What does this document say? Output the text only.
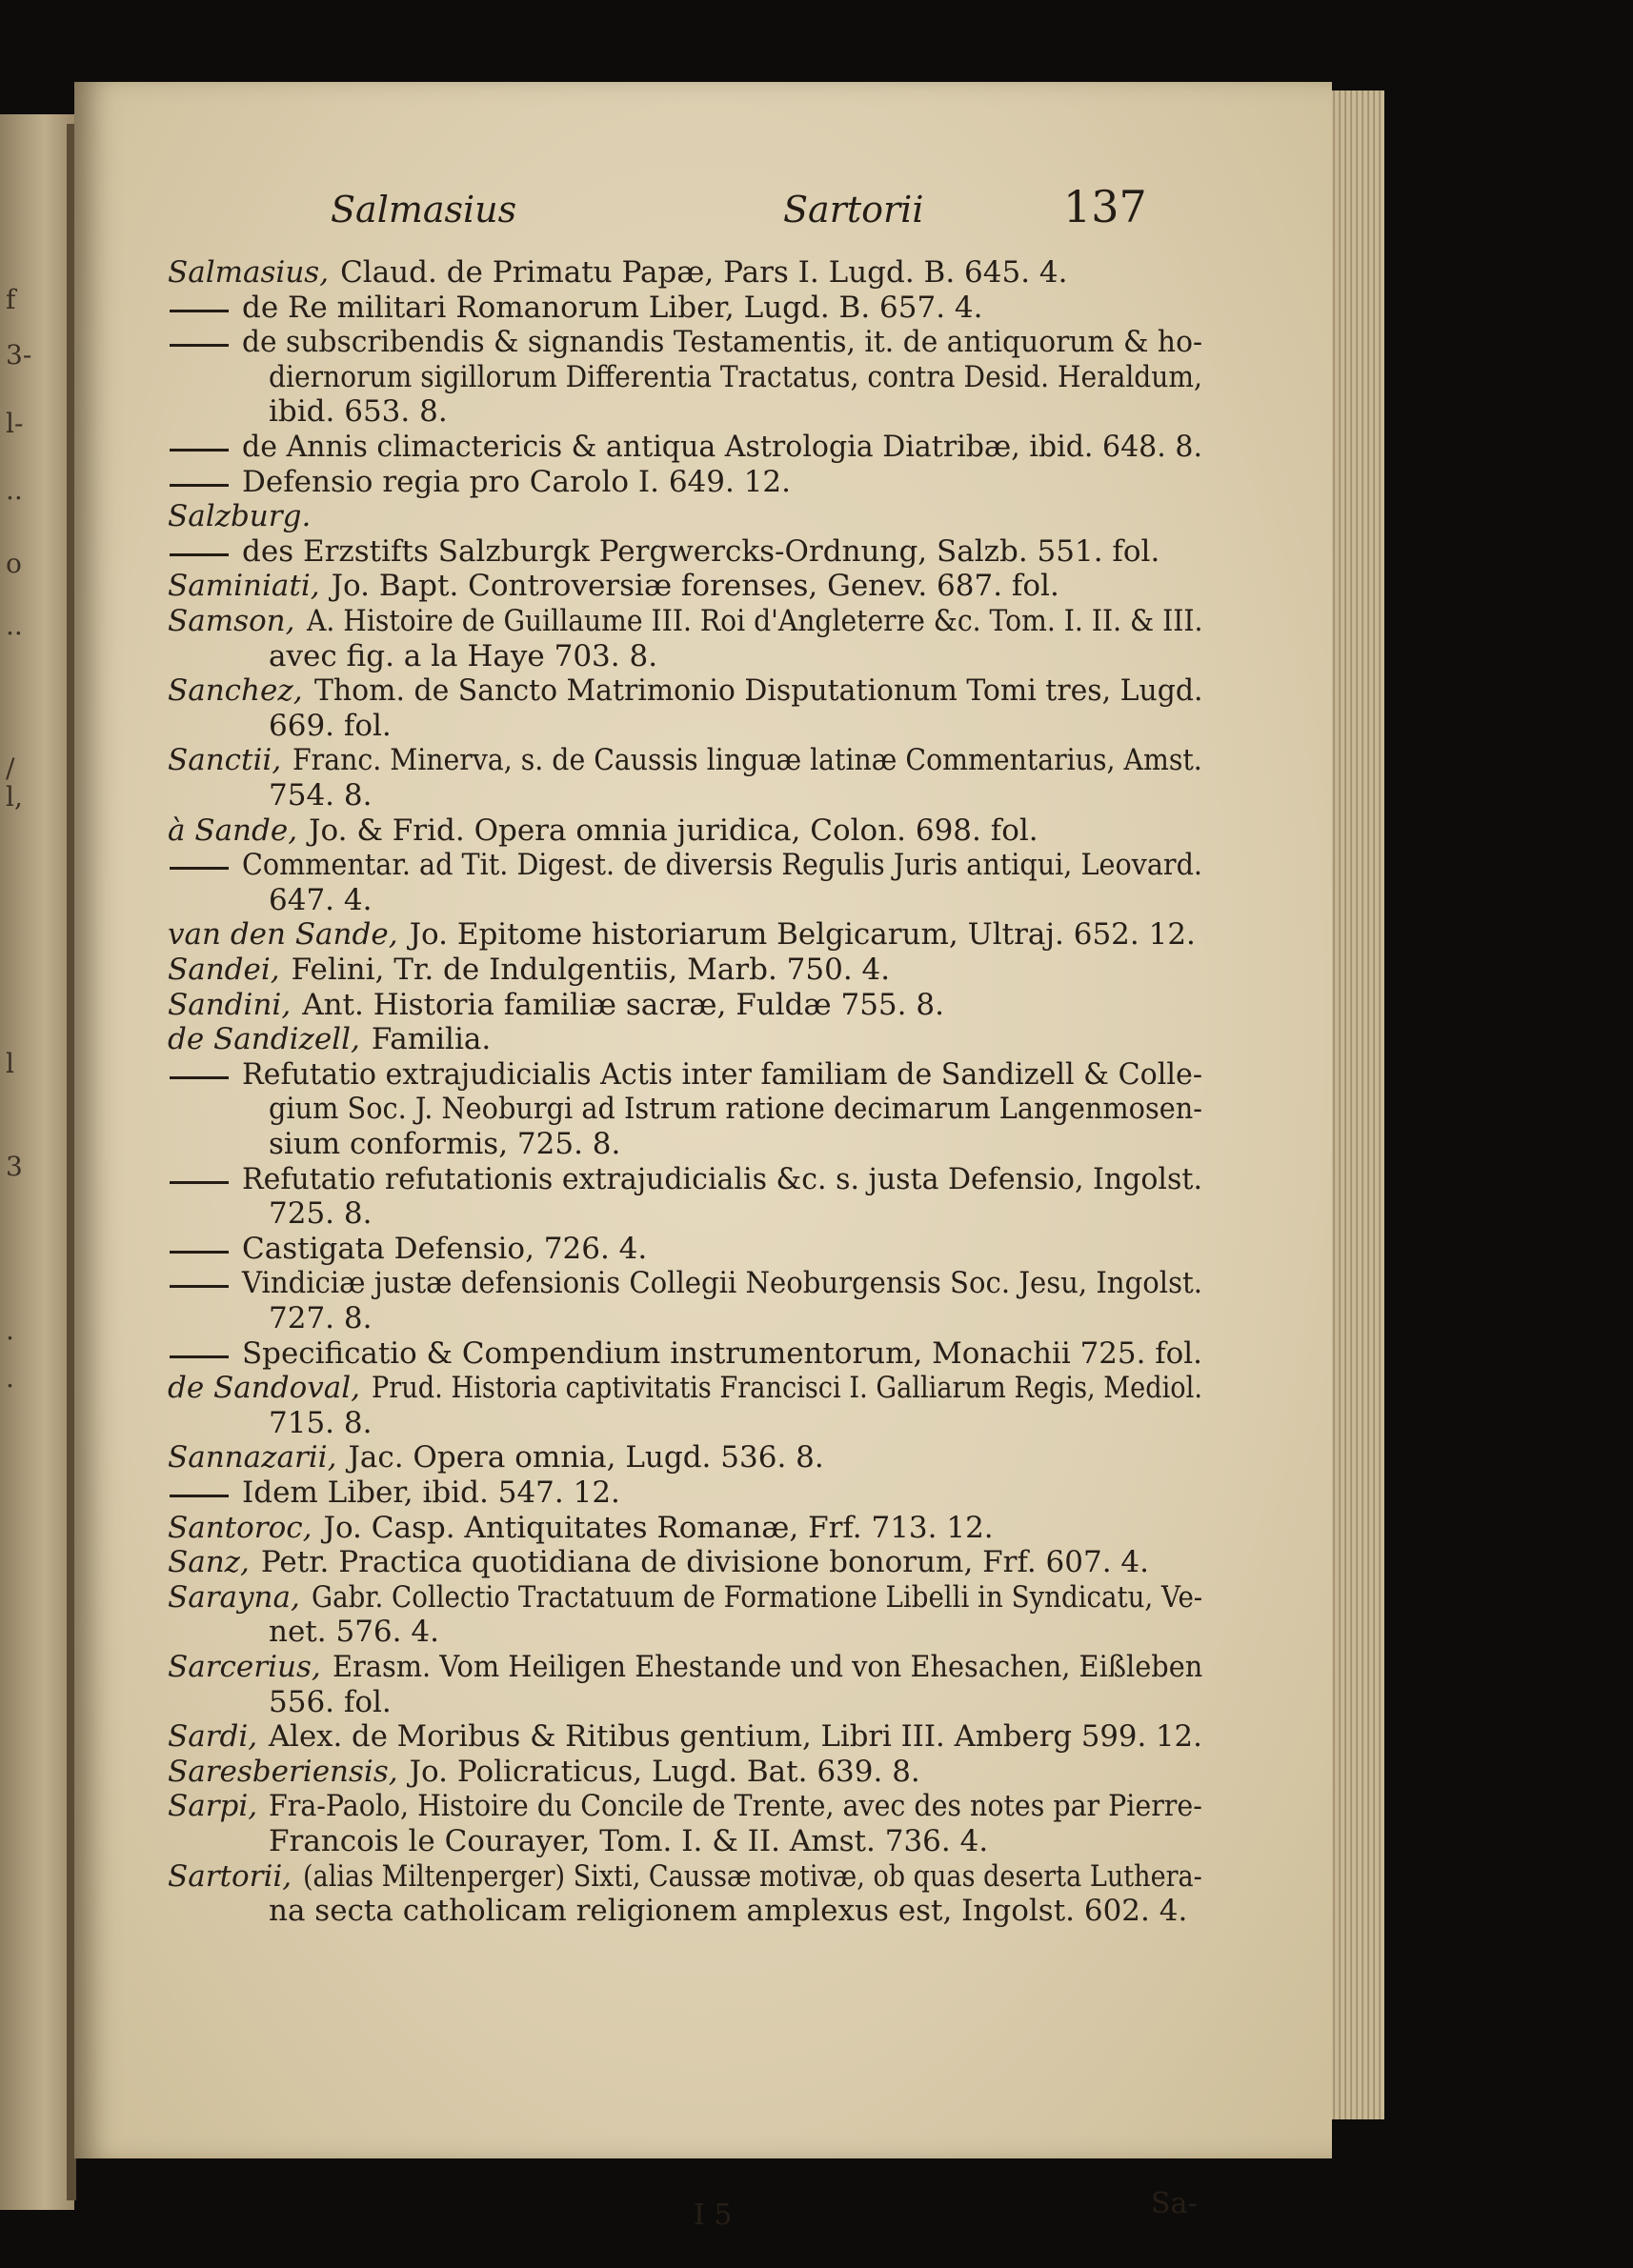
f
3-
l-
..
o
..
/
l,
l
3
.
.
Salmasius	Sartorii	137
Salmasius, Claud. de Primatu Papæ, Pars I. Lugd. B. 645. 4.
de Re militari Romanorum Liber, Lugd. B. 657. 4.
de subscribendis & signandis Testamentis, it. de antiquorum & ho-
diernorum sigillorum Differentia Tractatus, contra Desid. Heraldum,
ibid. 653. 8.
de Annis climactericis & antiqua Astrologia Diatribæ, ibid. 648. 8.
Defensio regia pro Carolo I. 649. 12.
Salzburg.
des Erzstifts Salzburgk Pergwercks-Ordnung, Salzb. 551. fol.
Saminiati, Jo. Bapt. Controversiæ forenses, Genev. 687. fol.
Samson, A. Histoire de Guillaume III. Roi d'Angleterre &c. Tom. I. II. & III.
avec fig. a la Haye 703. 8.
Sanchez, Thom. de Sancto Matrimonio Disputationum Tomi tres, Lugd.
669. fol.
Sanctii, Franc. Minerva, s. de Caussis linguæ latinæ Commentarius, Amst.
754. 8.
à Sande, Jo. & Frid. Opera omnia juridica, Colon. 698. fol.
Commentar. ad Tit. Digest. de diversis Regulis Juris antiqui, Leovard.
647. 4.
van den Sande, Jo. Epitome historiarum Belgicarum, Ultraj. 652. 12.
Sandei, Felini, Tr. de Indulgentiis, Marb. 750. 4.
Sandini, Ant. Historia familiæ sacræ, Fuldæ 755. 8.
de Sandizell, Familia.
Refutatio extrajudicialis Actis inter familiam de Sandizell & Colle-
gium Soc. J. Neoburgi ad Istrum ratione decimarum Langenmosen-
sium conformis, 725. 8.
Refutatio refutationis extrajudicialis &c. s. justa Defensio, Ingolst.
725. 8.
Castigata Defensio, 726. 4.
Vindiciæ justæ defensionis Collegii Neoburgensis Soc. Jesu, Ingolst.
727. 8.
Specificatio & Compendium instrumentorum, Monachii 725. fol.
de Sandoval, Prud. Historia captivitatis Francisci I. Galliarum Regis, Mediol.
715. 8.
Sannazarii, Jac. Opera omnia, Lugd. 536. 8.
Idem Liber, ibid. 547. 12.
Santoroc, Jo. Casp. Antiquitates Romanæ, Frf. 713. 12.
Sanz, Petr. Practica quotidiana de divisione bonorum, Frf. 607. 4.
Sarayna, Gabr. Collectio Tractatuum de Formatione Libelli in Syndicatu, Ve-
net. 576. 4.
Sarcerius, Erasm. Vom Heiligen Ehestande und von Ehesachen, Eißleben
556. fol.
Sardi, Alex. de Moribus & Ritibus gentium, Libri III. Amberg 599. 12.
Saresberiensis, Jo. Policraticus, Lugd. Bat. 639. 8.
Sarpi, Fra-Paolo, Histoire du Concile de Trente, avec des notes par Pierre-
Francois le Courayer, Tom. I. & II. Amst. 736. 4.
Sartorii, (alias Miltenperger) Sixti, Caussæ motivæ, ob quas deserta Luthera-
na secta catholicam religionem amplexus est, Ingolst. 602. 4.
I 5	Sa-
